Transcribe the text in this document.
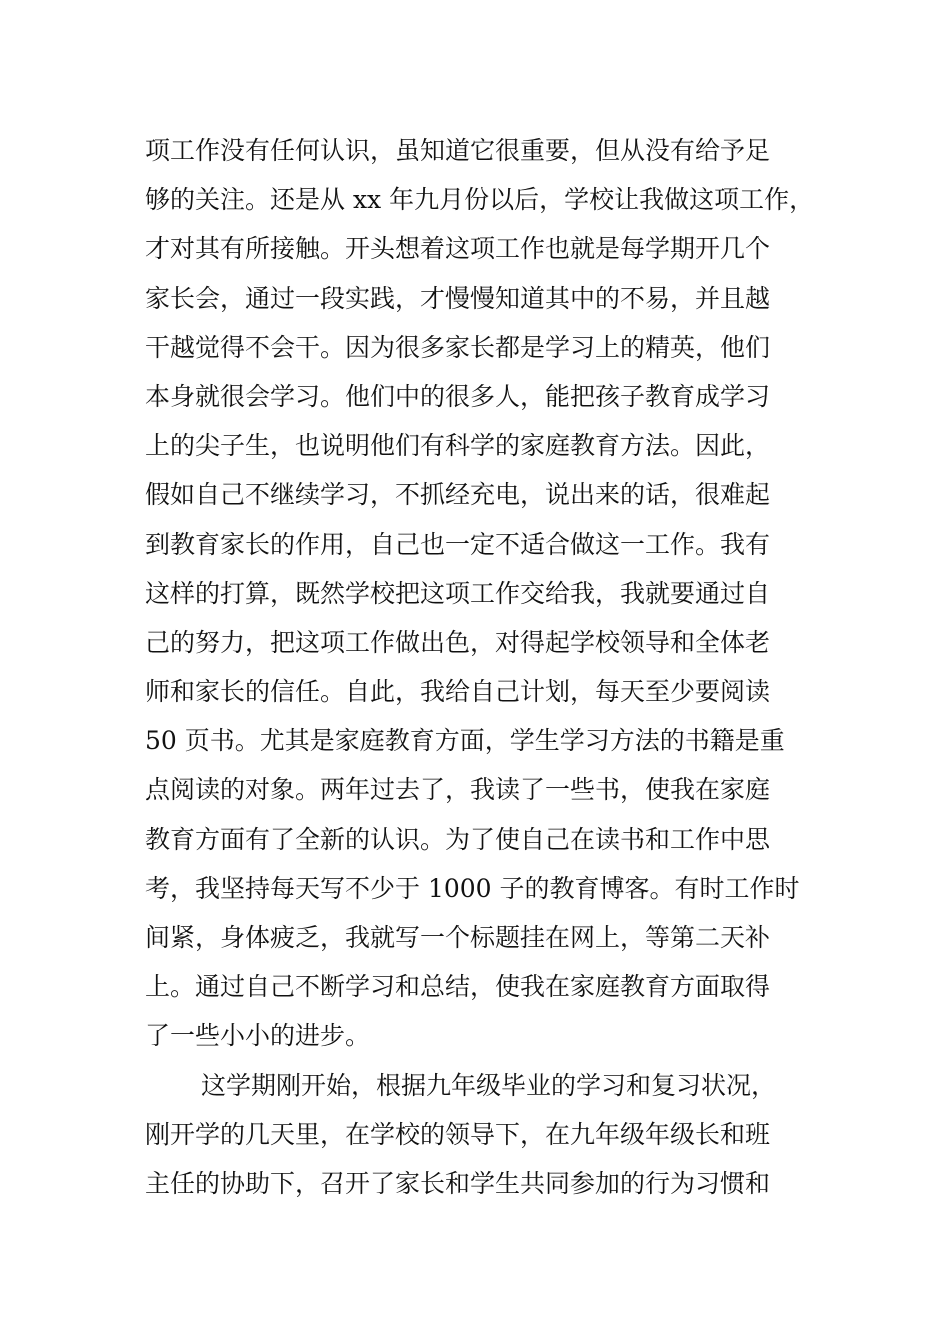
项工作没有任何认识，虽知道它很重要，但从没有给予足
够的关注。还是从 xx 年九月份以后，学校让我做这项工作，
才对其有所接触。开头想着这项工作也就是每学期开几个
家长会，通过一段实践，才慢慢知道其中的不易，并且越
干越觉得不会干。因为很多家长都是学习上的精英，他们
本身就很会学习。他们中的很多人，能把孩子教育成学习
上的尖子生，也说明他们有科学的家庭教育方法。因此，
假如自己不继续学习，不抓经充电，说出来的话，很难起
到教育家长的作用，自己也一定不适合做这一工作。我有
这样的打算，既然学校把这项工作交给我，我就要通过自
己的努力，把这项工作做出色，对得起学校领导和全体老
师和家长的信任。自此，我给自己计划，每天至少要阅读
50 页书。尤其是家庭教育方面，学生学习方法的书籍是重
点阅读的对象。两年过去了，我读了一些书，使我在家庭
教育方面有了全新的认识。为了使自己在读书和工作中思
考，我坚持每天写不少于 1000 子的教育博客。有时工作时
间紧，身体疲乏，我就写一个标题挂在网上，等第二天补
上。通过自己不断学习和总结，使我在家庭教育方面取得
了一些小小的进步。
这学期刚开始，根据九年级毕业的学习和复习状况，
刚开学的几天里，在学校的领导下，在九年级年级长和班
主任的协助下，召开了家长和学生共同参加的行为习惯和
